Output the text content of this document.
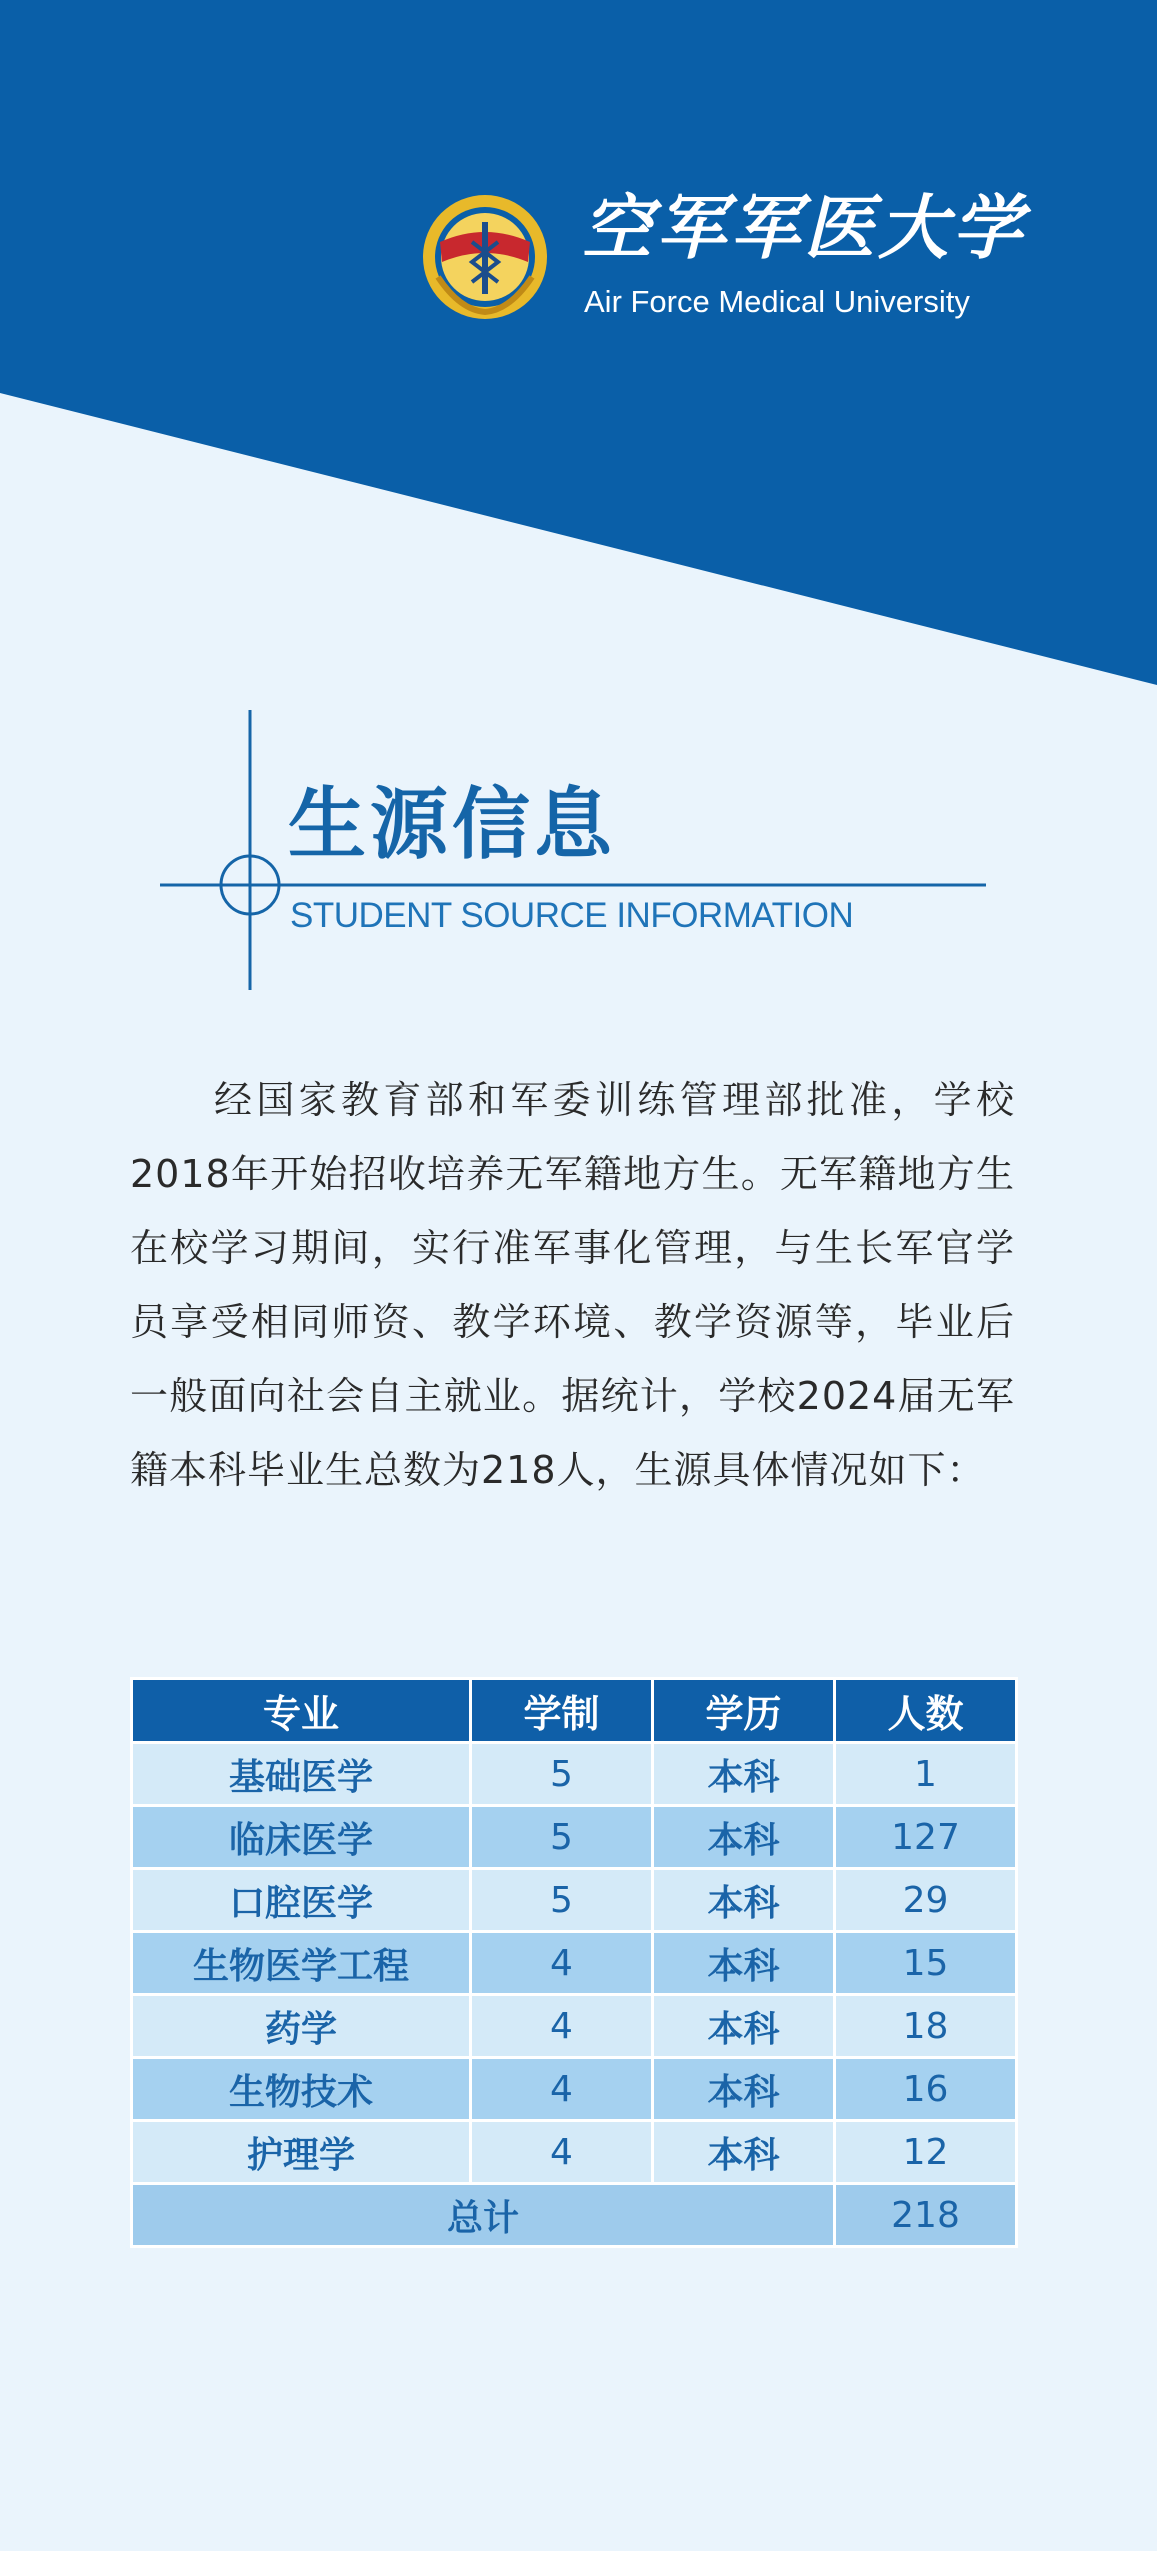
空军军医大学
Air Force Medical University
生源信息
STUDENT SOURCE INFORMATION

经国家教育部和军委训练管理部批准，学校2018年开始招收培养无军籍地方生。无军籍地方生在校学习期间，实行准军事化管理，与生长军官学员享受相同师资、教学环境、教学资源等，毕业后一般面向社会自主就业。据统计，学校2024届无军籍本科毕业生总数为218人，生源具体情况如下：

专业	学制	学历	人数
基础医学	5	本科	1
临床医学	5	本科	127
口腔医学	5	本科	29
生物医学工程	4	本科	15
药学	4	本科	18
生物技术	4	本科	16
护理学	4	本科	12
总计			218
